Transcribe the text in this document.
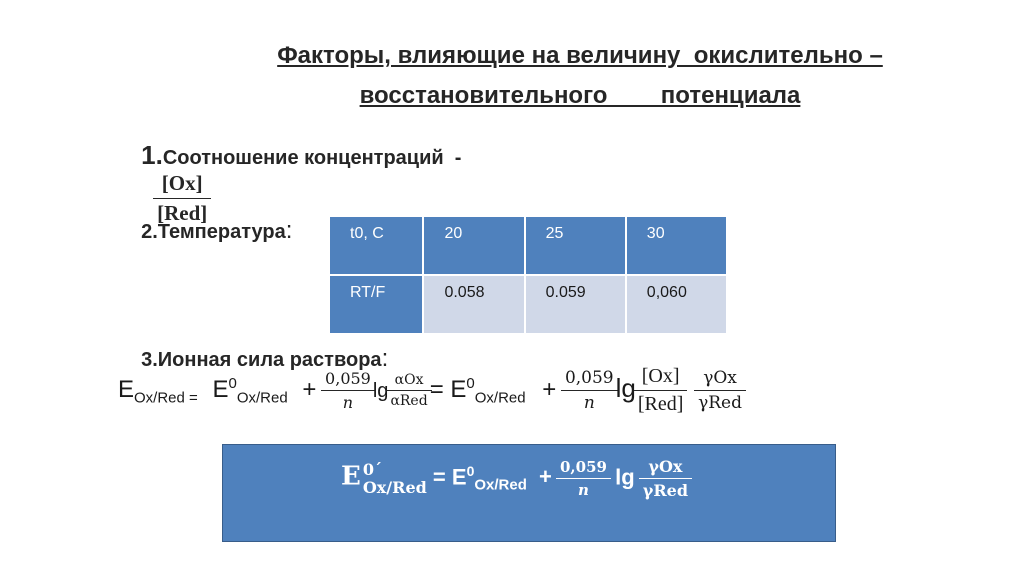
Факторы, влияющие на величину  окислительно –
восстановительного        потенциала

1.Соотношение концентраций  -

$\frac{[Ox]}{\text{[Red]}}$

2.Температура:	t0, C	20	25	30
RT/F	0.058	0.059	0,060

3.Ионная сила раствора:

$E_{Ox/Red =}$ $E^0_{Ox/Red} + \frac{0,059}{n}$ $\lg \frac{\text{αOx}}{\text{αRed}} = E^0_{Ox/Red} + \frac{0,059}{n}$ $\lg \frac{[Ox]}{\text{[Red]}}$
$\frac{\text{γOx}}{\text{γRed}}$
E 0΄
$Ox/Red = E^0_{Ox/Red} + \frac{0,059}{n}$ $\lg \frac{\text{γOx}}{\text{γRed}}$
